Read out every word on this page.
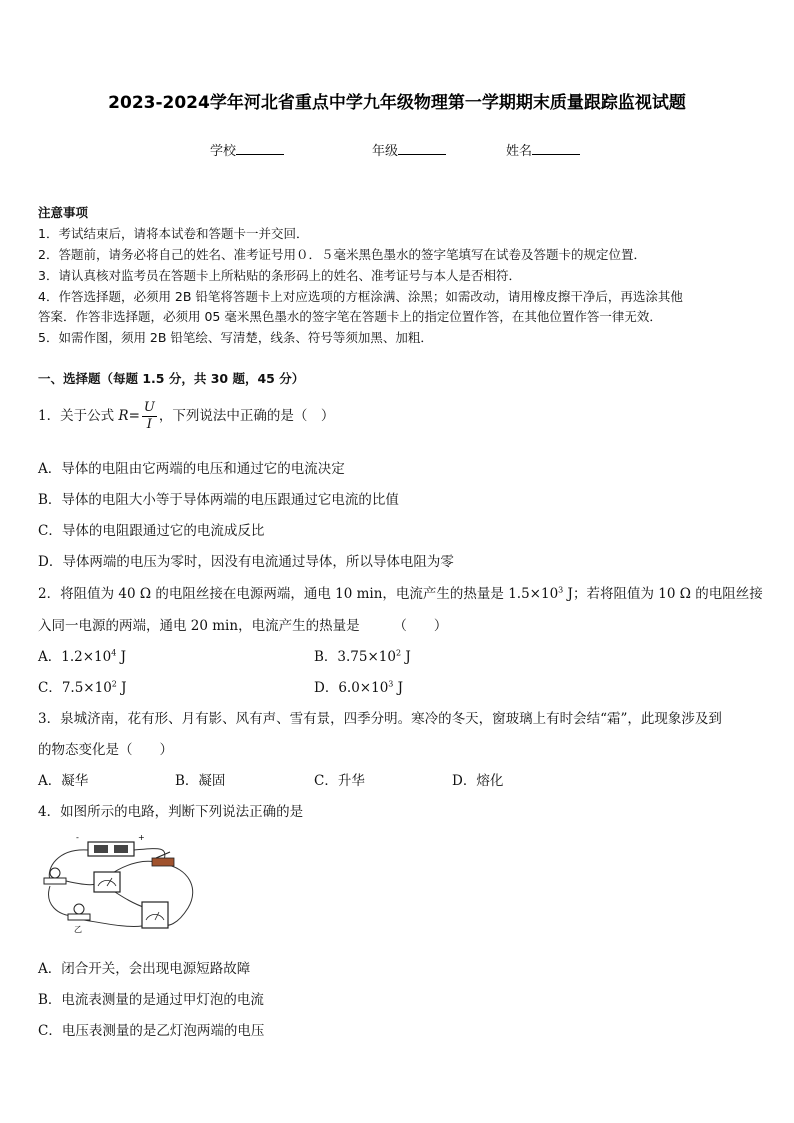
2023-2024学年河北省重点中学九年级物理第一学期期末质量跟踪监视试题
学校	年级	姓名
注意事项
1．考试结束后，请将本试卷和答题卡一并交回．
2．答题前，请务必将自己的姓名、准考证号用０．５毫米黑色墨水的签字笔填写在试卷及答题卡的规定位置．
3．请认真核对监考员在答题卡上所粘贴的条形码上的姓名、准考证号与本人是否相符．
4．作答选择题，必须用 2B 铅笔将答题卡上对应选项的方框涂满、涂黑；如需改动，请用橡皮擦干净后，再选涂其他
答案．作答非选择题，必须用 05 毫米黑色墨水的签字笔在答题卡上的指定位置作答，在其他位置作答一律无效．
5．如需作图，须用 2B 铅笔绘、写清楚，线条、符号等须加黑、加粗．
一、选择题（每题 1.5 分，共 30 题，45 分）
1．关于公式 $R= \frac{U}{I}$ ，下列说法中正确的是（　）
A．导体的电阻由它两端的电压和通过它的电流决定
B．导体的电阻大小等于导体两端的电压跟通过它电流的比值
C．导体的电阻跟通过它的电流成反比
D．导体两端的电压为零时，因没有电流通过导体，所以导体电阻为零
2．将阻值为 40 Ω 的电阻丝接在电源两端，通电 10 min，电流产生的热量是 $1.5\times 10^3$ J；若将阻值为 10 Ω 的电阻丝接
入同一电源的两端，通电 20 min，电流产生的热量是　　　（　　）
A．$1.2\times 10^4$ J	B．$3.75\times 10^2$ J
C．$7.5\times 10^2$ J	D．$6.0\times 10^3$ J
3．泉城济南，花有形、月有影、风有声、雪有景，四季分明。寒冷的冬天，窗玻璃上有时会结“霜”，此现象涉及到
的物态变化是（　　）
A．凝华	B．凝固	C．升华	D．熔化
4．如图所示的电路，判断下列说法正确的是
-	+
乙
A．闭合开关，会出现电源短路故障
B．电流表测量的是通过甲灯泡的电流
C．电压表测量的是乙灯泡两端的电压
